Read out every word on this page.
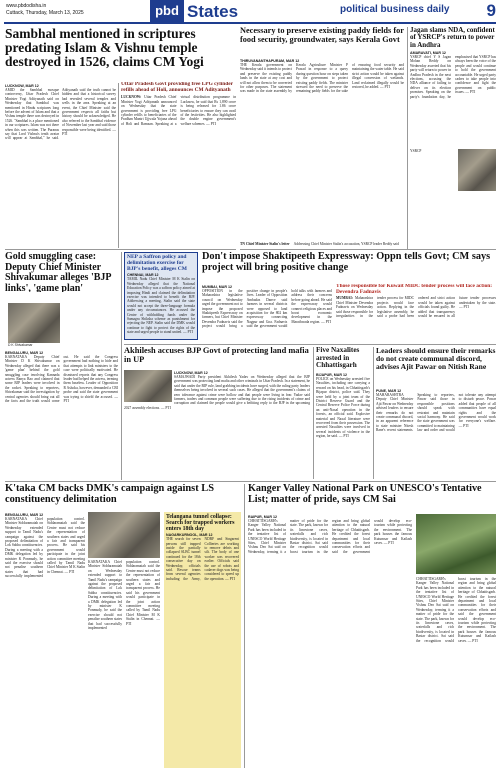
www.pbdodisha.in
Cuttack, Thursday, March 13, 2025	pbd States	political business daily	9
Sambhal mentioned in scriptures predating Islam & Vishnu temple destroyed in 1526, claims CM Yogi
LUCKNOW, MAR 12
AMID the Sambhal mosque controversy, Uttar Pradesh Chief Minister Yogi Adityanath said on Wednesday that Sambhal was mentioned in Hindu scriptures long before the advent of Islam and that a Vishnu temple there was destroyed in 1526. "Sambhal is a place mentioned in our scriptures. Islam was not there when this was written. The Puranas say that Lord Vishnu's tenth avatar will appear at Sambhal," he said. Adityanath said the truth cannot be hidden and that a historical survey had revealed several temples and wells in the area. Speaking at an event, the Chief Minister said the government respects all faiths but history should be acknowledged. He also referred to the Sambhal violence of November last year and said those responsible were being identified. — PTI
Uttar Pradesh Govt providing free LPG cylinder refills ahead of Holi, announces CM Adityanath
LUCKNOW: Uttar Pradesh Chief Minister Yogi Adityanath announced on Wednesday that the state government is providing free LPG cylinder refills to beneficiaries of the Pradhan Mantri Ujjwala Yojana ahead of Holi and Ramzan. Speaking at a virtual distribution programme in Lucknow, he said that Rs 1,890 crore is being released for 1.86 crore beneficiaries to ensure they can avail of the festivities. He also highlighted the double engine government's welfare schemes. — PTI
Necessary to preserve existing paddy fields for food security, groundwater, says Kerala Govt
THIRUVANANTHAPURAM, MAR 12
THE Kerala government on Wednesday said it intends to protect and preserve the existing paddy lands in the state at any cost and will not allow them to be converted for other purposes. The statement was made in the state assembly by Kerala Agriculture Minister P Prasad in response to a query during question hour on steps taken by the government to protect existing paddy fields. The minister stressed the need to preserve the remaining paddy fields for the sake of ensuring food security and maintaining the water table. He said strict action would be taken against illegal conversion of wetlands. Land reclaimed illegally would be restored, he added. — PTI
Jagan slams NDA, confident of YSRCP's return to power in Andhra
AMARAVATI, MAR 12
YSRCP chief Y S Jagan Mohan Reddy on Wednesday asserted that his party will return to power in Andhra Pradesh in the next elections, accusing the NDA alliance of failing to deliver on its election promises. Speaking on the party's foundation day, he emphasised that YSRCP has always been the voice of the people and would continue to hold the government accountable. He urged party cadres to take people into confidence and fight the government on public issues. — PTI
YSRCP
TN Chief Minister Stalin's letter Addressing Chief Minister Stalin's accusation, YSRCP leader Reddy said
Gold smuggling case: Deputy Chief Minister Shivakumar alleges 'BJP links', 'game plan'
D K Shivakumar
BENGALURU, MAR 12
KARNATAKA Deputy Chief Minister D K Shivakumar on Wednesday alleged that there was a 'game plan' behind the gold smuggling case involving Kannada actress Ranya Rao and claimed that some BJP leaders were involved in the racket. Speaking to reporters, Shivakumar said the investigation by central agencies should bring out all the facts and the truth would come out. He said the Congress government had nothing to hide and that attempts to link ministers to the case were politically motivated. He dismissed reports that any Congress leader had helped the actress, terming them baseless. Leader of Opposition R Ashoka, however, demanded a CBI probe and said the state government was trying to shield the accused. — PTI
NEP a Saffron policy and delimitation exercise for BJP's benefit, alleges CM
CHENNAI, MAR 12
TAMIL Nadu Chief Minister M K Stalin on Wednesday alleged that the National Education Policy was a saffron policy aimed at imposing Hindi and claimed the delimitation exercise was intended to benefit the BJP. Addressing a meeting, Stalin said the state would not accept the three-language formula under any circumstances. He accused the Centre of withholding funds under the Samagra Shiksha scheme as punishment for rejecting the NEP. Stalin said the DMK would continue to fight to protect the rights of the state and urged people to stand united. — PTI
Don't impose Shaktipeeth Expressway: Oppn tells Govt; CM says project will bring positive change
MUMBAI, MAR 12
OPPOSITION in the Maharashtra legislative council on Wednesday urged the government not to impose the proposed Shaktipeeth Expressway on farmers, but Chief Minister Devendra Fadnavis said the project would bring a positive change in people's lives. Leader of Opposition Ambadas Danve said farmers in several districts were opposed to land acquisition for the 802 km expressway connecting Nagpur and Goa. Fadnavis said the government would hold talks with farmers and address their concerns before going ahead. He said the expressway would connect religious places and boost economic development in the Marathwada region. — PTI
Those responsible for Kuwait MIDC tender process will face action: Devendra Fadnavis
MUMBAI: Maharashtra Chief Minister Devendra Fadnavis on Wednesday said those responsible for irregularities in the tender process for MIDC projects would face action. Replying in the legislative assembly, he said a probe had been ordered and strict action would be taken against officials found guilty. He added that transparency would be ensured in all future tender processes undertaken by the state. — PTI
Akhilesh accuses BJP Govt of protecting land mafia in UP
LUCKNOW, MAR 12
SAMAJWADI Party president Akhilesh Yadav on Wednesday alleged that the BJP government was protecting land mafia and other criminals in Uttar Pradesh. In a statement, he said that under the BJP rule, land grabbing incidents have surged, with the ruling party leaders themselves being involved in several such cases. He alleged that the government's claims of zero tolerance against crime were hollow and that people were living in fear. Yadav said farmers, traders and common people were suffering due to the rising incidents of crime and corruption and claimed the people would give a befitting reply to the BJP in the upcoming 2027 assembly elections. — PTI
Five Naxalites arrested in Chhattisgarh
BIJAPUR, MAR 12
POLICE on Wednesday arrested five Naxalites, including one carrying a reward on his head, in Chhattisgarh's Bijapur district, police said. They were held by a joint team of the District Reserve Guard and the Central Reserve Police Force during an anti-Naxal operation in the forests, an official said. Explosive material and Naxal literature were recovered from their possession. The arrested Naxalites were involved in several incidents of violence in the region, he said. — PTI
Leaders should ensure their remarks do not create communal discord, advises Ajit Pawar on Nitish Rane
PUNE, MAR 12
MAHARASHTRA Deputy Chief Minister Ajit Pawar on Wednesday advised leaders to ensure their remarks do not create communal discord, in an apparent reference to state minister Nitesh Rane's recent statements. Speaking to reporters, Pawar said those in responsible positions should speak with restraint and maintain social harmony. He said the state government was committed to maintaining law and order and would not tolerate any attempt to disturb peace. Pawar added that people of all communities have equal rights and the government would work for everyone's welfare. — PTI
K'taka CM backs DMK's campaign against LS constituency delimitation
BENGALURU, MAR 12
KARNATAKA Chief Minister Siddaramaiah on Wednesday extended support to Tamil Nadu's campaign against the proposed delimitation of Lok Sabha constituencies. During a meeting with a DMK delegation led by minister K Ponmudy, he said the exercise should not penalise southern states that had successfully implemented population control. Siddaramaiah said the Centre must not reduce the representation of southern states and urged a fair and transparent process. He said his government would participate in the joint action committee meeting called by Tamil Nadu Chief Minister M K Stalin in Chennai. — PTI
KARNATAKA Chief Minister Siddaramaiah on Wednesday extended support to Tamil Nadu's campaign against the proposed delimitation of Lok Sabha constituencies. During a meeting with a DMK delegation led by minister K Ponmudy, he said the exercise should not penalise southern states that had successfully implemented population control. Siddaramaiah said the Centre must not reduce the representation of southern states and urged a fair and transparent process. He said his government would participate in the joint action committee meeting called by Tamil Nadu Chief Minister M K Stalin in Chennai. — PTI
Telangana tunnel collapse: Search for trapped workers enters 18th day
NAGARKURNOOL, MAR 12
THE search for seven persons still trapped inside the partially collapsed SLBC tunnel continued for the 18th consecutive day on Wednesday, officials said. Rescue teams from several agencies including the Army, NDRF and Singareni Collieries are working to remove debris and silt. The body of one worker was recovered earlier. Officials said the use of robots and cadaver dogs was being considered to speed up the operation. — PTI
Kanger Valley National Park on UNESCO's Tentative List; matter of pride, says CM Sai
RAIPUR, MAR 12
CHHATTISGARH's Kanger Valley National Park has been included in the tentative list of UNESCO World Heritage Sites, Chief Minister Vishnu Deo Sai said on Wednesday, terming it a matter of pride for the state. The park, known for its limestone caves, waterfalls and rich biodiversity, is located in Bastar district. Sai said the recognition would boost tourism in the region and bring global attention to the natural heritage of Chhattisgarh. He credited the forest department and local communities for their conservation efforts and said the government would develop eco-tourism while protecting the environment. The park houses the famous Kutumsar and Kailash caves. — PTI
CHHATTISGARH's Kanger Valley National Park has been included in the tentative list of UNESCO World Heritage Sites, Chief Minister Vishnu Deo Sai said on Wednesday, terming it a matter of pride for the state. The park, known for its limestone caves, waterfalls and rich biodiversity, is located in Bastar district. Sai said the recognition would boost tourism in the region and bring global attention to the natural heritage of Chhattisgarh. He credited the forest department and local communities for their conservation efforts and said the government would develop eco-tourism while protecting the environment. The park houses the famous Kutumsar and Kailash caves. — PTI
